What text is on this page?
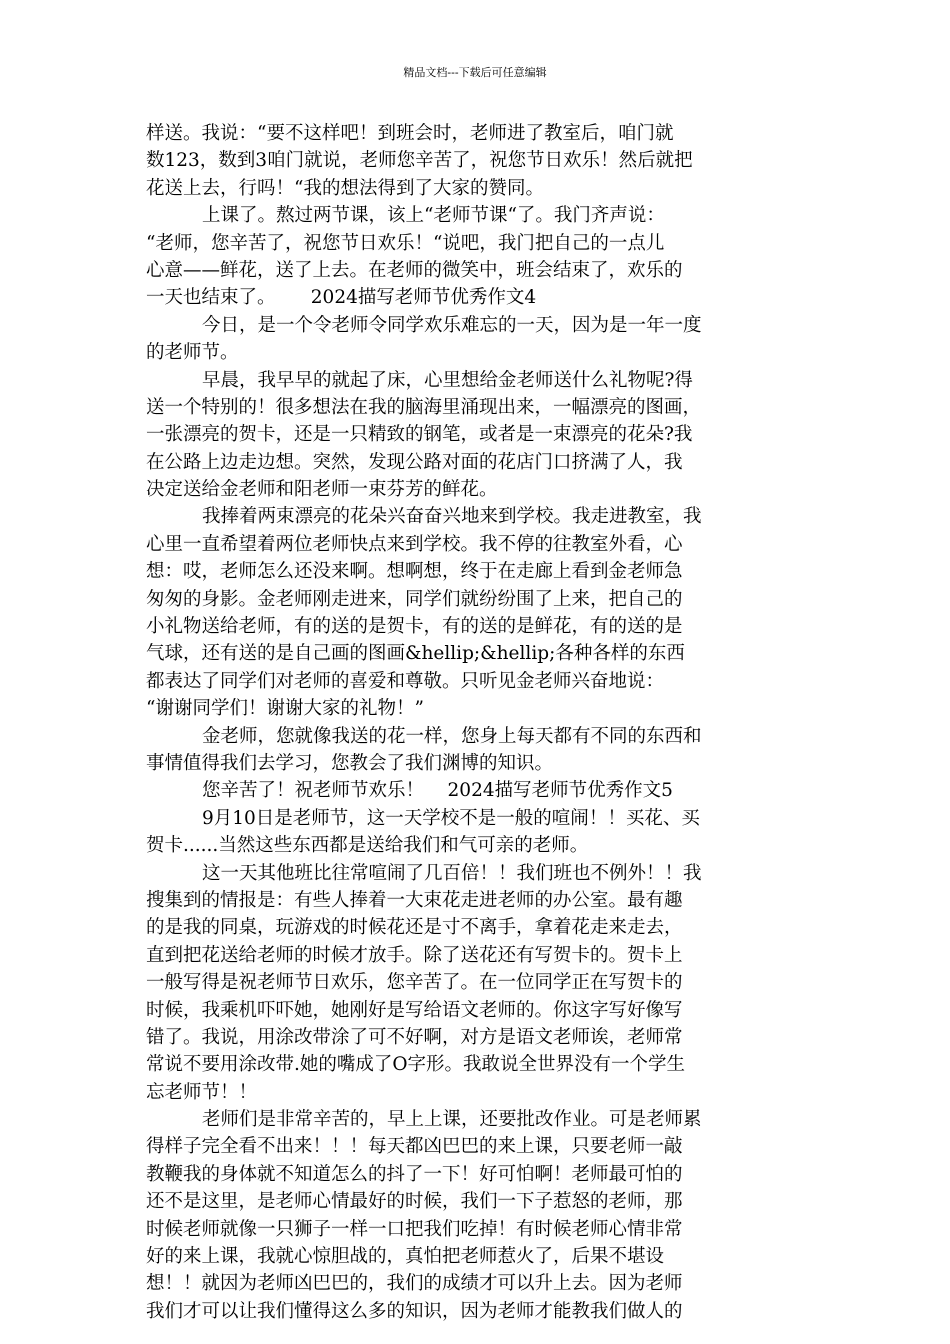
精品文档---下载后可任意编辑
样送。我说：“要不这样吧！到班会时，老师进了教室后，咱门就
数123，数到3咱门就说，老师您辛苦了，祝您节日欢乐！然后就把
花送上去，行吗！“我的想法得到了大家的赞同。
上课了。熬过两节课，该上“老师节课“了。我门齐声说：
“老师，您辛苦了，祝您节日欢乐！“说吧，我门把自己的一点儿
心意——鲜花，送了上去。在老师的微笑中，班会结束了，欢乐的
一天也结束了。      2024描写老师节优秀作文4
今日，是一个令老师令同学欢乐难忘的一天，因为是一年一度
的老师节。
早晨，我早早的就起了床，心里想给金老师送什么礼物呢?得
送一个特别的！很多想法在我的脑海里涌现出来，一幅漂亮的图画，
一张漂亮的贺卡，还是一只精致的钢笔，或者是一束漂亮的花朵?我
在公路上边走边想。突然，发现公路对面的花店门口挤满了人，我
决定送给金老师和阳老师一束芬芳的鲜花。
我捧着两束漂亮的花朵兴奋奋兴地来到学校。我走进教室，我
心里一直希望着两位老师快点来到学校。我不停的往教室外看，心
想：哎，老师怎么还没来啊。想啊想，终于在走廊上看到金老师急
匆匆的身影。金老师刚走进来，同学们就纷纷围了上来，把自己的
小礼物送给老师，有的送的是贺卡，有的送的是鲜花，有的送的是
气球，还有送的是自己画的图画&hellip;&hellip;各种各样的东西
都表达了同学们对老师的喜爱和尊敬。只听见金老师兴奋地说：
“谢谢同学们！谢谢大家的礼物！”
金老师，您就像我送的花一样，您身上每天都有不同的东西和
事情值得我们去学习，您教会了我们渊博的知识。
您辛苦了！祝老师节欢乐！    2024描写老师节优秀作文5
9月10日是老师节，这一天学校不是一般的喧闹！！买花、买
贺卡......当然这些东西都是送给我们和气可亲的老师。
这一天其他班比往常喧闹了几百倍！！我们班也不例外！！我
搜集到的情报是：有些人捧着一大束花走进老师的办公室。最有趣
的是我的同桌，玩游戏的时候花还是寸不离手，拿着花走来走去，
直到把花送给老师的时候才放手。除了送花还有写贺卡的。贺卡上
一般写得是祝老师节日欢乐，您辛苦了。在一位同学正在写贺卡的
时候，我乘机吓吓她，她刚好是写给语文老师的。你这字写好像写
错了。我说，用涂改带涂了可不好啊，对方是语文老师诶，老师常
常说不要用涂改带.她的嘴成了O字形。我敢说全世界没有一个学生
忘老师节！！
老师们是非常辛苦的，早上上课，还要批改作业。可是老师累
得样子完全看不出来！！！每天都凶巴巴的来上课，只要老师一敲
教鞭我的身体就不知道怎么的抖了一下！好可怕啊！老师最可怕的
还不是这里，是老师心情最好的时候，我们一下子惹怒的老师，那
时候老师就像一只狮子一样一口把我们吃掉！有时候老师心情非常
好的来上课，我就心惊胆战的，真怕把老师惹火了，后果不堪设
想！！就因为老师凶巴巴的，我们的成绩才可以升上去。因为老师
我们才可以让我们懂得这么多的知识，因为老师才能教我们做人的
